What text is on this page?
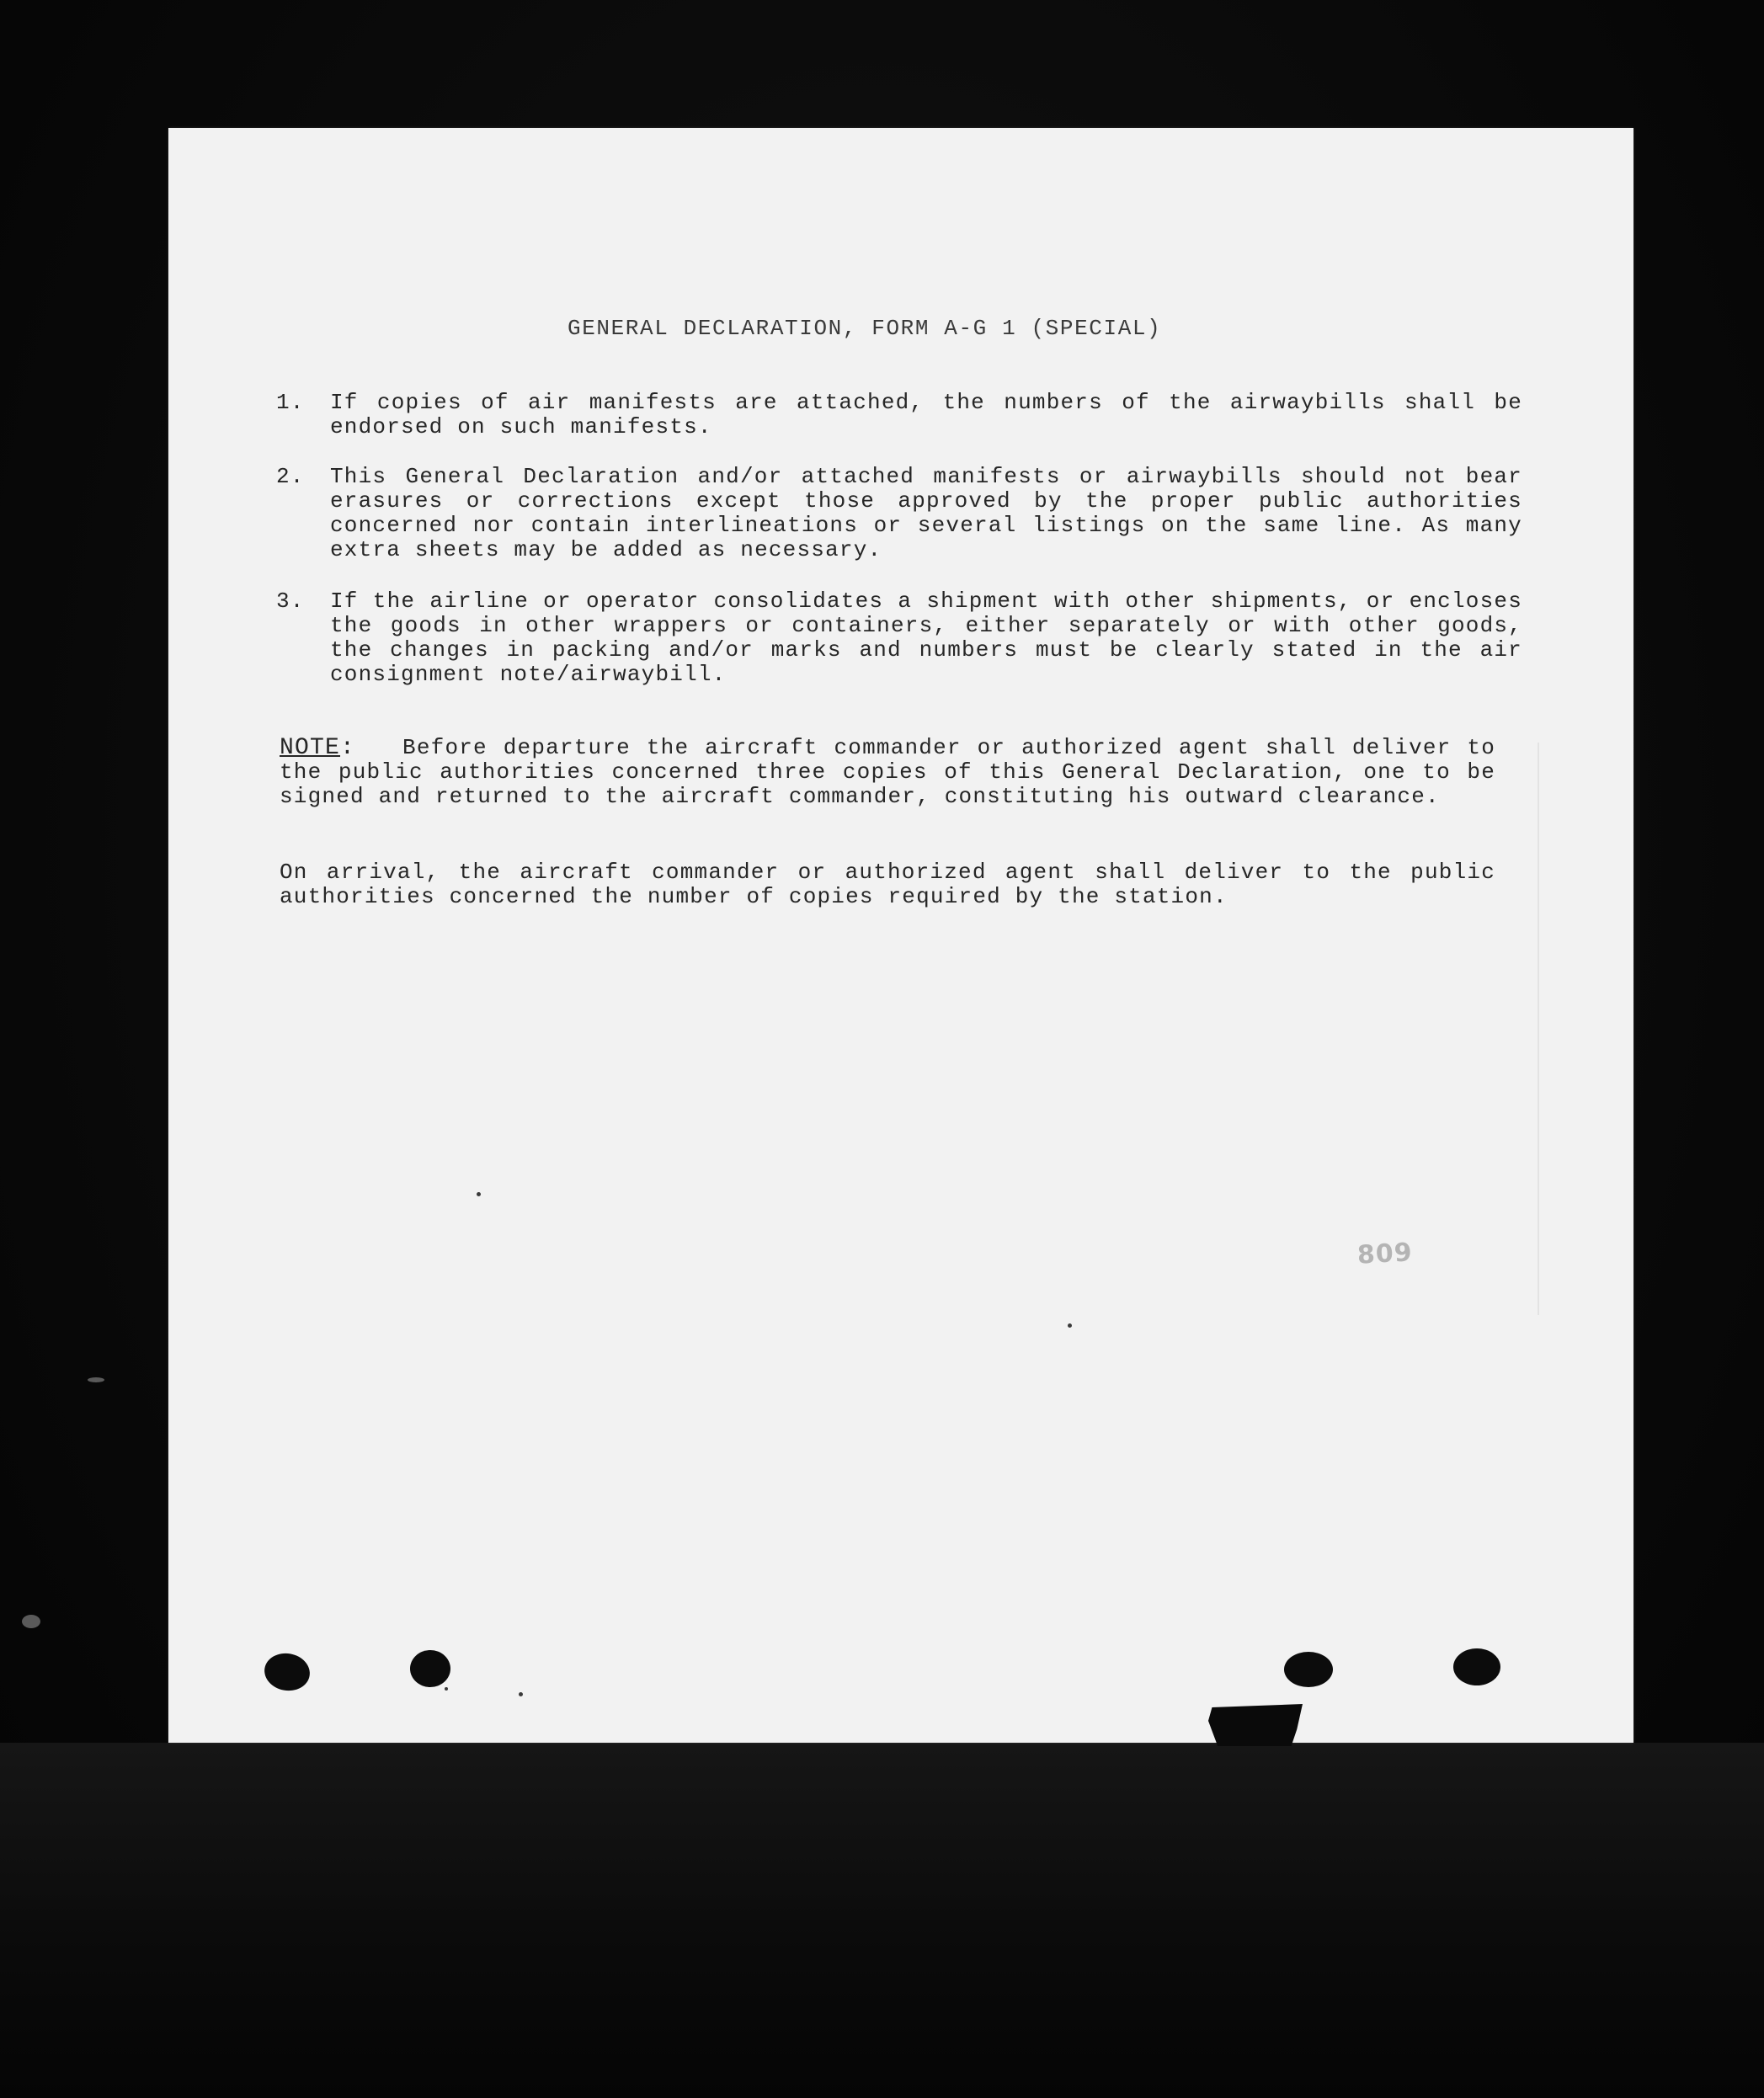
GENERAL DECLARATION, FORM A-G 1 (SPECIAL)
1.	If copies of air manifests are attached, the numbers of the airwaybills shall be endorsed on such manifests.
2.	This General Declaration and/or attached manifests or airwaybills should not bear erasures or corrections except those approved by the proper public authorities concerned nor contain interlineations or several listings on the same line. As many extra sheets may be added as necessary.
3.	If the airline or operator consolidates a shipment with other shipments, or encloses the goods in other wrappers or containers, either separately or with other goods, the changes in packing and/or marks and numbers must be clearly stated in the air consignment note/airwaybill.
NOTE: Before departure the aircraft commander or authorized agent shall deliver to the public authorities concerned three copies of this General Declaration, one to be signed and returned to the aircraft commander, constituting his outward clearance.
On arrival, the aircraft commander or authorized agent shall deliver to the public authorities concerned the number of copies required by the station.
809
